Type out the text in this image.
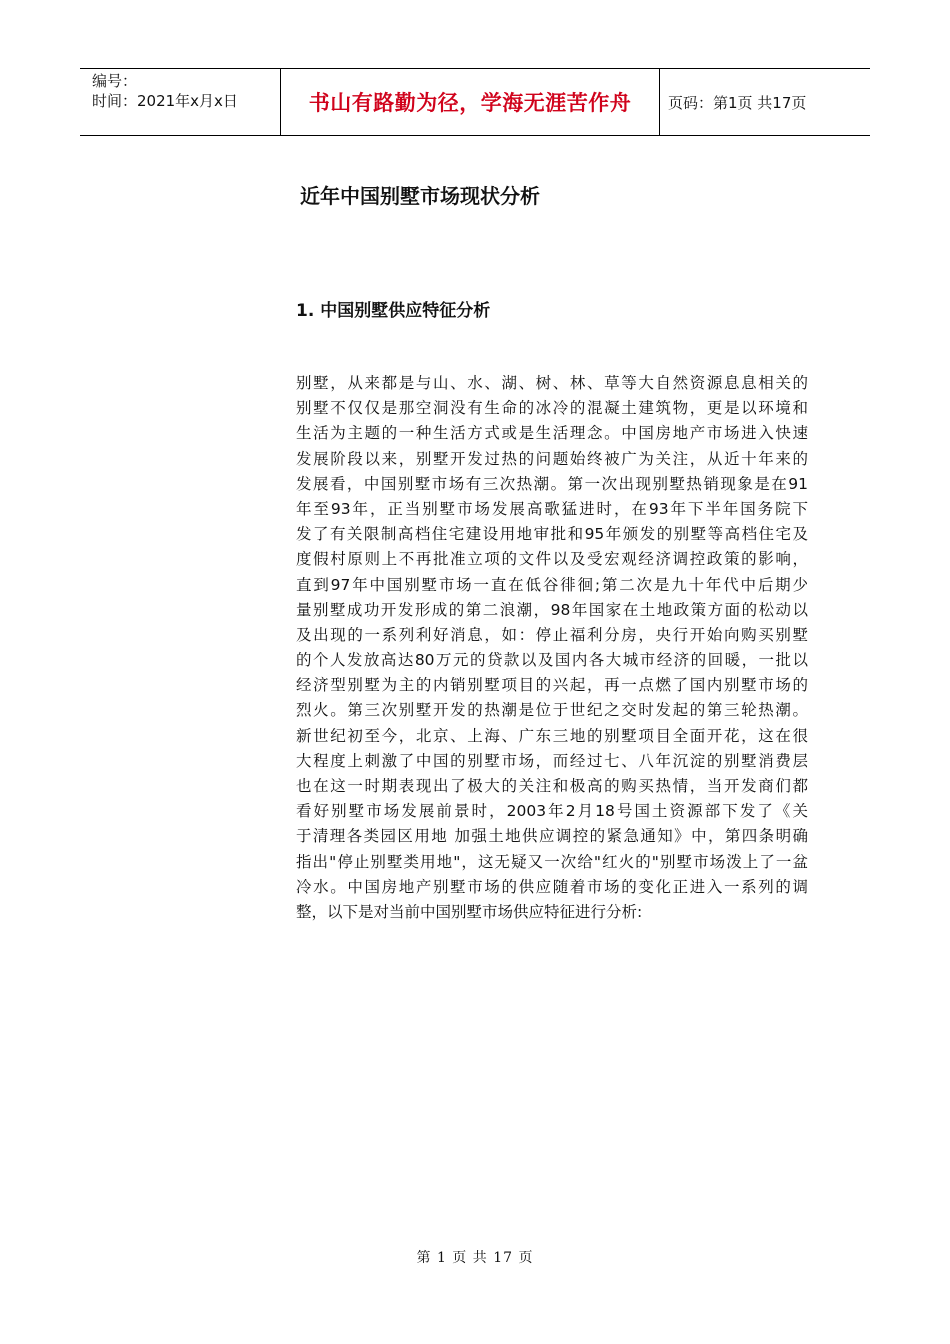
编号：
时间：2021年x月x日	书山有路勤为径，学海无涯苦作舟 页码：第1页 共17页
近年中国别墅市场现状分析
1. 中国别墅供应特征分析
别墅，从来都是与山、水、湖、树、林、草等大自然资源息息相关的
别墅不仅仅是那空洞没有生命的冰冷的混凝土建筑物，更是以环境和
生活为主题的一种生活方式或是生活理念。中国房地产市场进入快速
发展阶段以来，别墅开发过热的问题始终被广为关注，从近十年来的
发展看，中国别墅市场有三次热潮。第一次出现别墅热销现象是在91
年至93年，正当别墅市场发展高歌猛进时，在93年下半年国务院下
发了有关限制高档住宅建设用地审批和95年颁发的别墅等高档住宅及
度假村原则上不再批准立项的文件以及受宏观经济调控政策的影响，
直到97年中国别墅市场一直在低谷徘徊;第二次是九十年代中后期少
量别墅成功开发形成的第二浪潮，98年国家在土地政策方面的松动以
及出现的一系列利好消息，如：停止福利分房，央行开始向购买别墅
的个人发放高达80万元的贷款以及国内各大城市经济的回暖，一批以
经济型别墅为主的内销别墅项目的兴起，再一点燃了国内别墅市场的
烈火。第三次别墅开发的热潮是位于世纪之交时发起的第三轮热潮。
新世纪初至今，北京、上海、广东三地的别墅项目全面开花，这在很
大程度上刺激了中国的别墅市场，而经过七、八年沉淀的别墅消费层
也在这一时期表现出了极大的关注和极高的购买热情，当开发商们都
看好别墅市场发展前景时，2003年2月18号国土资源部下发了《关
于清理各类园区用地 加强土地供应调控的紧急通知》中，第四条明确
指出"停止别墅类用地"，这无疑又一次给"红火的"别墅市场泼上了一盆
冷水。中国房地产别墅市场的供应随着市场的变化正进入一系列的调
整，以下是对当前中国别墅市场供应特征进行分析:
第 1 页 共 17 页
